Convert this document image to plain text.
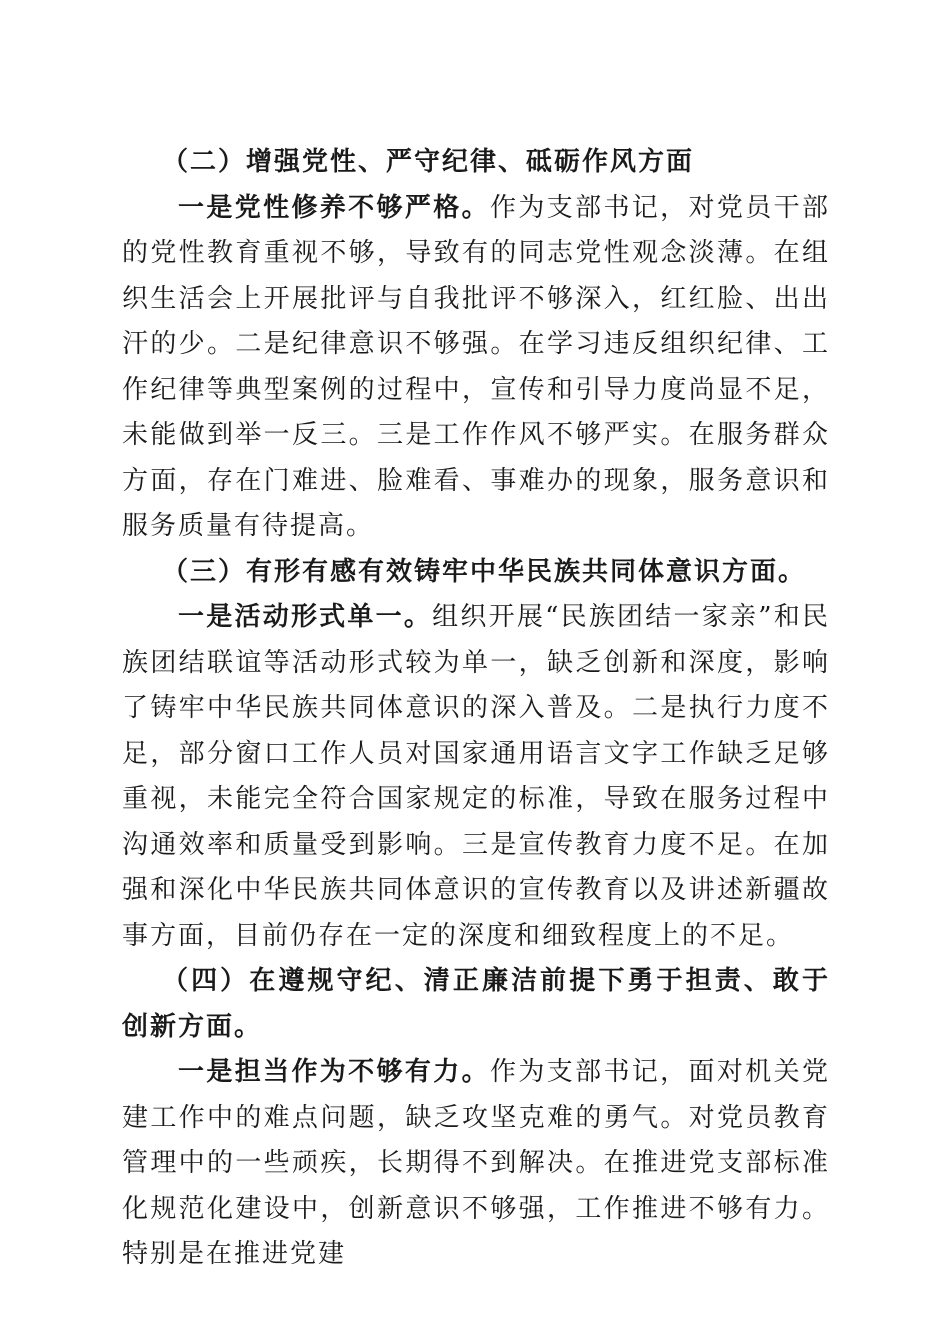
（二）增强党性、严守纪律、砥砺作风方面

一是党性修养不够严格。作为支部书记，对党员干部的党性教育重视不够，导致有的同志党性观念淡薄。在组织生活会上开展批评与自我批评不够深入，红红脸、出出汗的少。二是纪律意识不够强。在学习违反组织纪律、工作纪律等典型案例的过程中，宣传和引导力度尚显不足，未能做到举一反三。三是工作作风不够严实。在服务群众方面，存在门难进、脸难看、事难办的现象，服务意识和服务质量有待提高。

（三）有形有感有效铸牢中华民族共同体意识方面。

一是活动形式单一。组织开展“民族团结一家亲”和民族团结联谊等活动形式较为单一，缺乏创新和深度，影响了铸牢中华民族共同体意识的深入普及。二是执行力度不足，部分窗口工作人员对国家通用语言文字工作缺乏足够重视，未能完全符合国家规定的标准，导致在服务过程中沟通效率和质量受到影响。三是宣传教育力度不足。在加强和深化中华民族共同体意识的宣传教育以及讲述新疆故事方面，目前仍存在一定的深度和细致程度上的不足。

（四）在遵规守纪、清正廉洁前提下勇于担责、敢于创新方面。

一是担当作为不够有力。作为支部书记，面对机关党建工作中的难点问题，缺乏攻坚克难的勇气。对党员教育管理中的一些顽疾，长期得不到解决。在推进党支部标准化规范化建设中，创新意识不够强，工作推进不够有力。特别是在推进党建
